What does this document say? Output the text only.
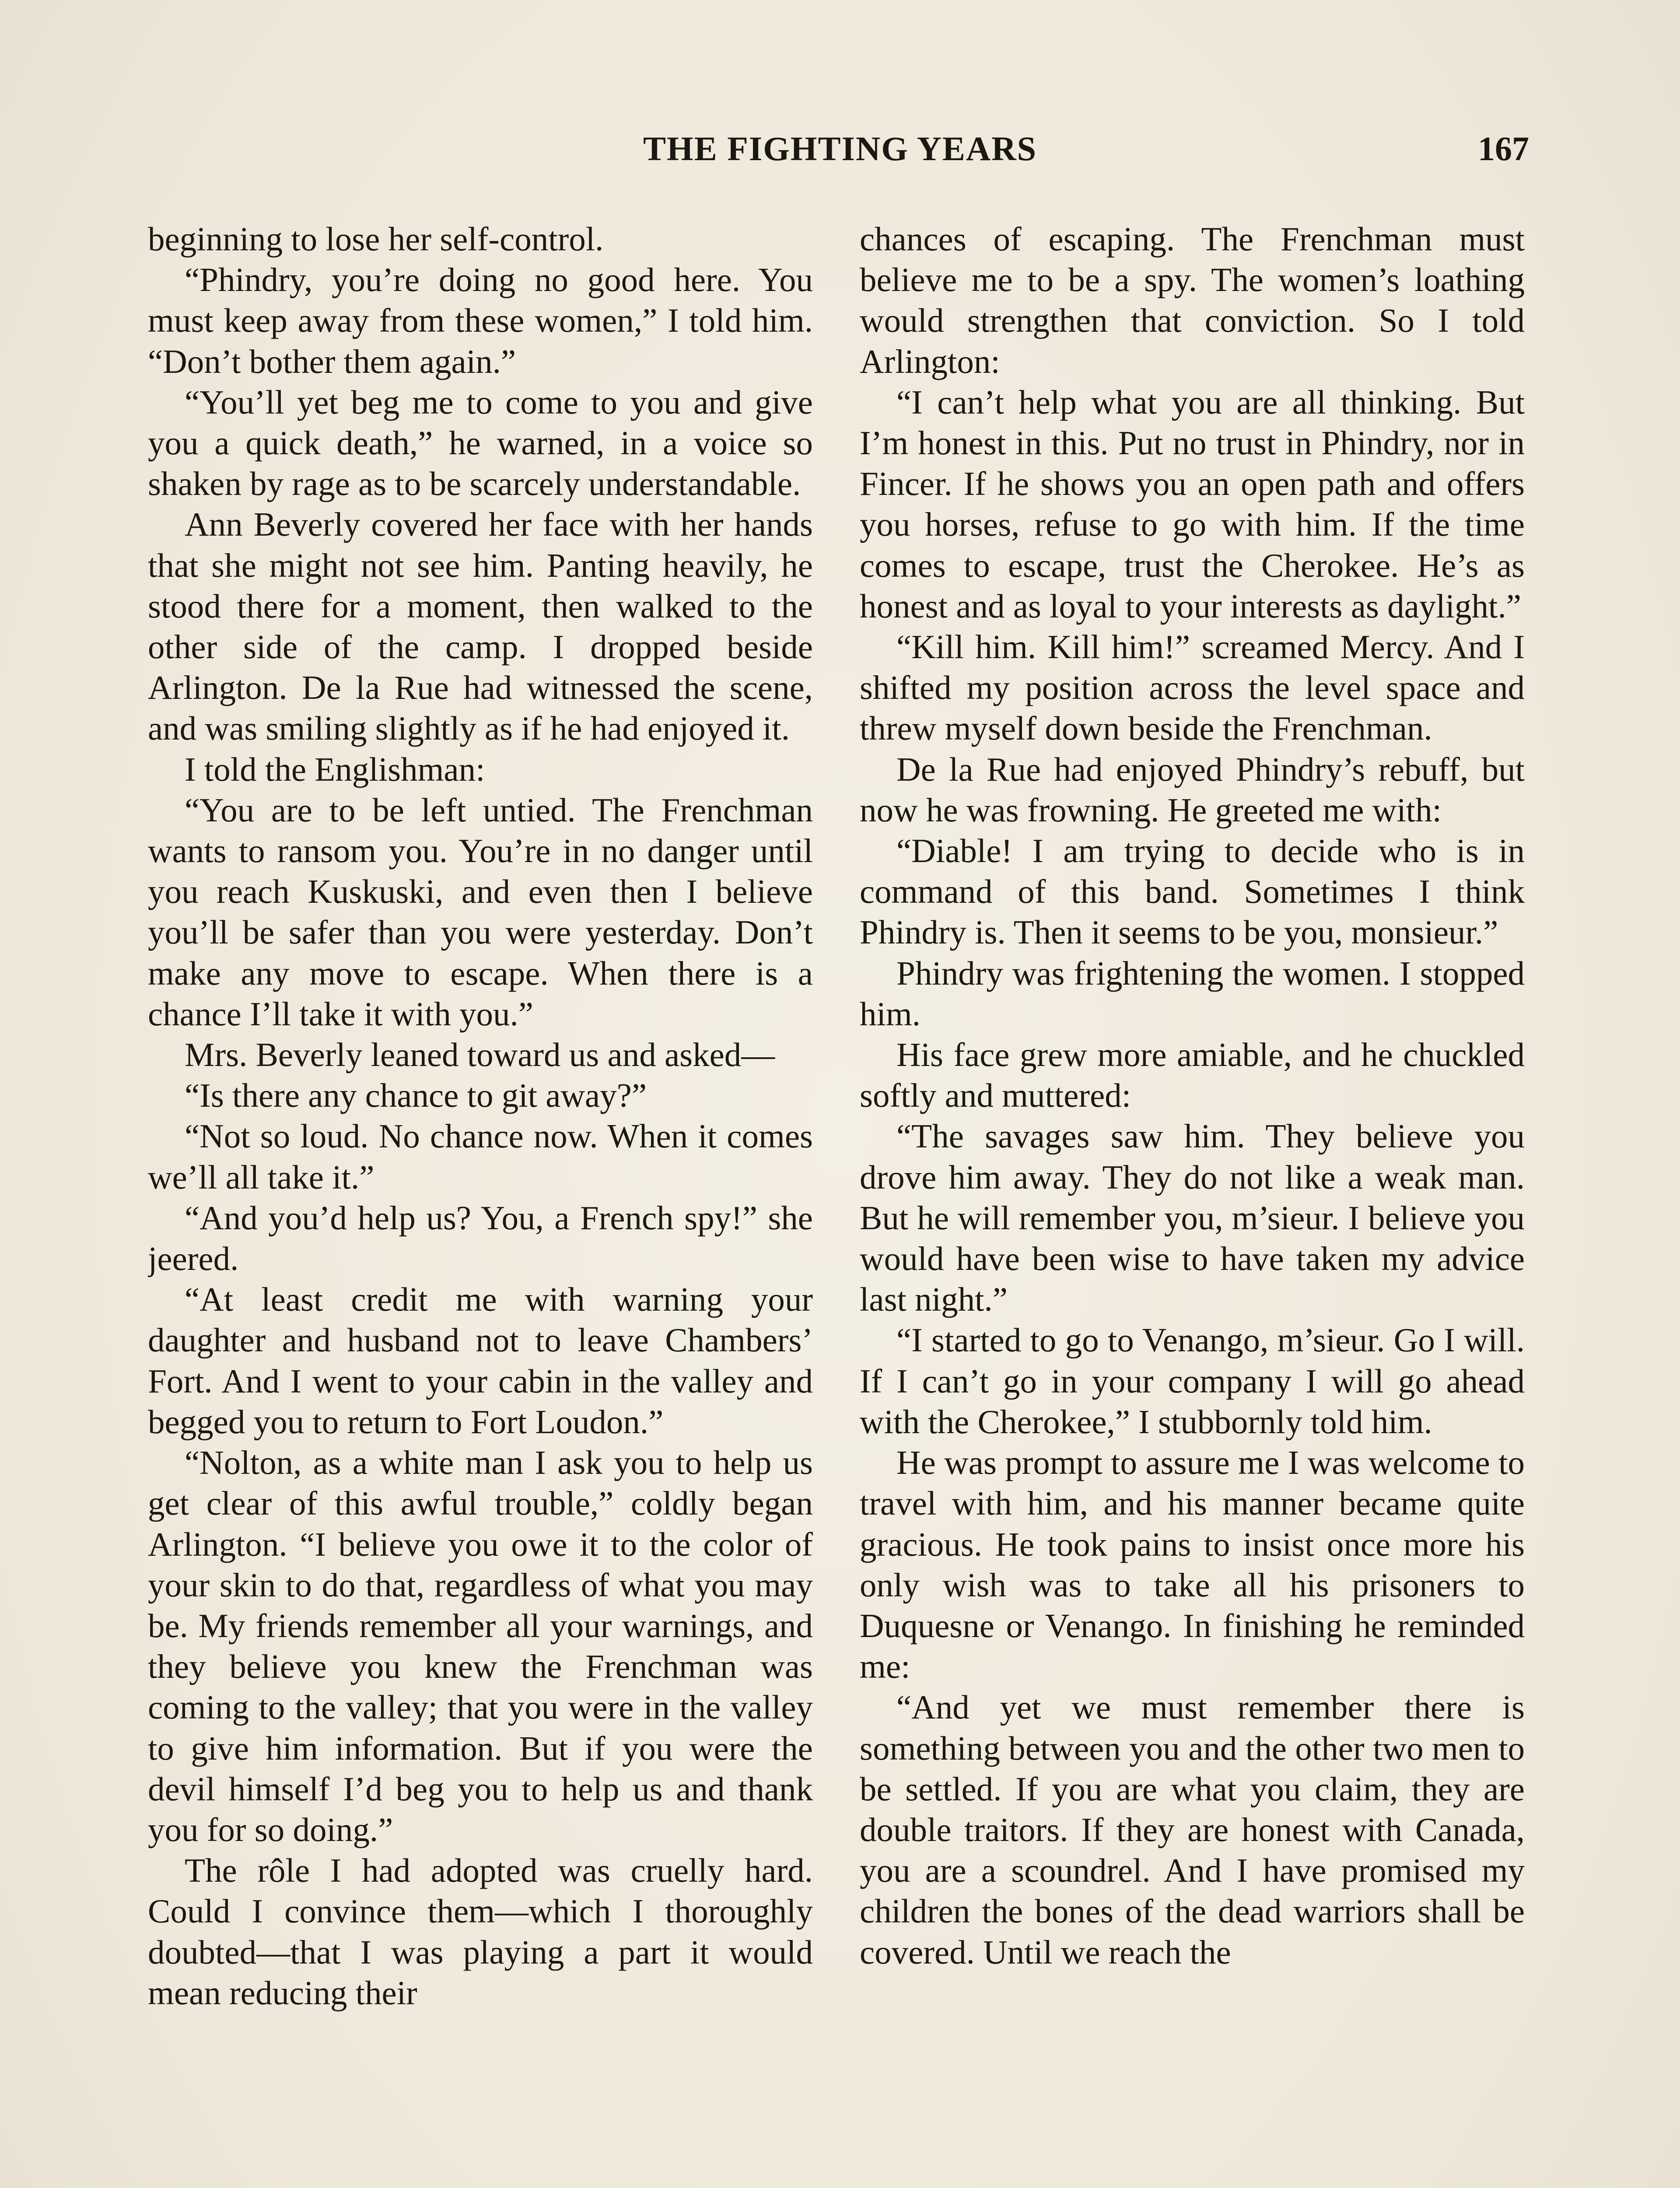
THE FIGHTING YEARS	167

beginning to lose her self-control.

“Phindry, you’re doing no good here. You must keep away from these women,” I told him. “Don’t bother them again.”

“You’ll yet beg me to come to you and give you a quick death,” he warned, in a voice so shaken by rage as to be scarcely understandable.

Ann Beverly covered her face with her hands that she might not see him. Panting heavily, he stood there for a moment, then walked to the other side of the camp. I dropped beside Arlington. De la Rue had witnessed the scene, and was smiling slightly as if he had enjoyed it.

I told the Englishman:

“You are to be left untied. The Frenchman wants to ransom you. You’re in no danger until you reach Kuskuski, and even then I believe you’ll be safer than you were yesterday. Don’t make any move to escape. When there is a chance I’ll take it with you.”

Mrs. Beverly leaned toward us and asked—

“Is there any chance to git away?”

“Not so loud. No chance now. When it comes we’ll all take it.”

“And you’d help us? You, a French spy!” she jeered.

“At least credit me with warning your daughter and husband not to leave Chambers’ Fort. And I went to your cabin in the valley and begged you to return to Fort Loudon.”

“Nolton, as a white man I ask you to help us get clear of this awful trouble,” coldly began Arlington. “I believe you owe it to the color of your skin to do that, regardless of what you may be. My friends remember all your warnings, and they believe you knew the Frenchman was coming to the valley; that you were in the valley to give him information. But if you were the devil himself I’d beg you to help us and thank you for so doing.”

The rôle I had adopted was cruelly hard. Could I convince them—which I thoroughly doubted—that I was playing a part it would mean reducing their

chances of escaping. The Frenchman must believe me to be a spy. The women’s loathing would strengthen that conviction. So I told Arlington:

“I can’t help what you are all thinking. But I’m honest in this. Put no trust in Phindry, nor in Fincer. If he shows you an open path and offers you horses, refuse to go with him. If the time comes to escape, trust the Cherokee. He’s as honest and as loyal to your interests as daylight.”

“Kill him. Kill him!” screamed Mercy. And I shifted my position across the level space and threw myself down beside the Frenchman.

De la Rue had enjoyed Phindry’s rebuff, but now he was frowning. He greeted me with:

“Diable! I am trying to decide who is in command of this band. Sometimes I think Phindry is. Then it seems to be you, monsieur.”

Phindry was frightening the women. I stopped him.

His face grew more amiable, and he chuckled softly and muttered:

“The savages saw him. They believe you drove him away. They do not like a weak man. But he will remember you, m’sieur. I believe you would have been wise to have taken my advice last night.”

“I started to go to Venango, m’sieur. Go I will. If I can’t go in your company I will go ahead with the Cherokee,” I stubbornly told him.

He was prompt to assure me I was welcome to travel with him, and his manner became quite gracious. He took pains to insist once more his only wish was to take all his prisoners to Duquesne or Venango. In finishing he reminded me:

“And yet we must remember there is something between you and the other two men to be settled. If you are what you claim, they are double traitors. If they are honest with Canada, you are a scoundrel. And I have promised my children the bones of the dead warriors shall be covered. Until we reach the
